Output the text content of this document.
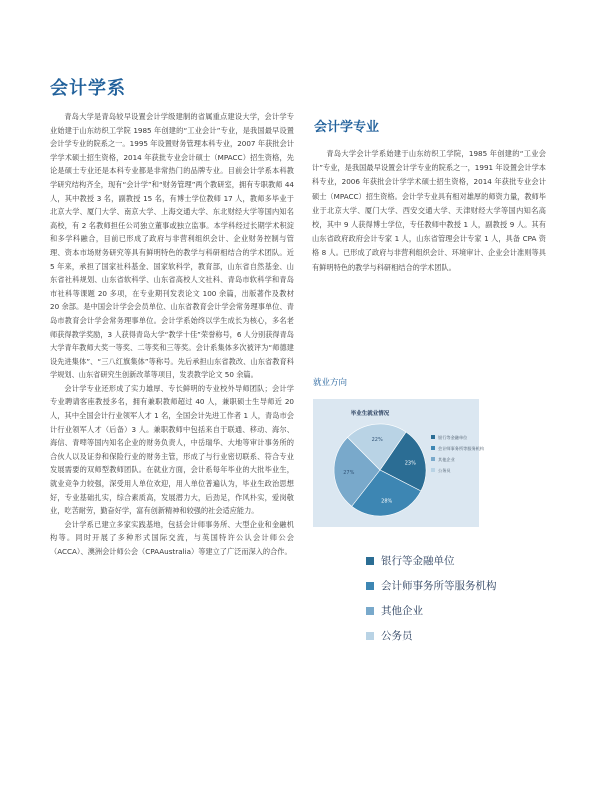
会计学系

青岛大学是青岛较早设置会计学级建制的省属重点建设大学，会计学专业始建于山东纺织工学院 1985 年创建的“工业会计”专业，是我国最早设置会计学专业的院系之一。1995 年设置财务管理本科专业，2007 年获批会计学学术硕士招生资格，2014 年获批专业会计硕士（MPACC）招生资格，先论是硕士专业还是本科专业都是非常热门的品牌专业。目前会计学系本科教学研究结构齐全，现有“会计学”和“财务管理”两个教研室，拥有专职教师 44 人，其中教授 3 名，副教授 15 名，有博士学位教师 17 人，教师多毕业于北京大学、厦门大学、南京大学、上海交通大学、东北财经大学等国内知名高校，有 2 名教师担任公司独立董事或独立监事。本学科经过长期学术积淀和多学科融合，目前已形成了政府与非营利组织会计、企业财务控制与管理、资本市场财务研究等具有鲜明特色的教学与科研相结合的学术团队。近 5 年来，承担了国家社科基金、国家软科学，教育部，山东省自然基金、山东省社科规划、山东省软科学、山东省高校人文社科、青岛市软科学和青岛市社科等课题 20 多项，在专业期刊发表论文 100 余篇，出版著作及教材 20 余部。是中国会计学会会员单位、山东省教育会计学会常务理事单位、青岛市教育会计学会常务理事单位。会计学系始终以学生成长为核心，多名老师获得教学奖励，3 人获得青岛大学“教学十佳”荣誉称号，6 人分别获得青岛大学青年教师大奖一等奖、二等奖和三等奖。会计系集体多次被评为“师德建设先进集体”、“三八红旗集体”等称号。先后承担山东省教改、山东省教育科学规划、山东省研究生创新改革等项目，发表教学论文 50 余篇。

会计学专业还形成了实力雄厚、专长鲜明的专业校外导师团队；会计学专业聘请客座教授多名，拥有兼职教师超过 40 人，兼职硕士生导师近 20 人，其中全国会计行业领军人才 1 名，全国会计先进工作者 1 人，青岛市会计行业领军人才（后备）3 人。兼职教师中包括来自于联通、移动、海尔、海信、青啤等国内知名企业的财务负责人，中岳瑞华、大地等审计事务所的合伙人以及证券和保险行业的财务主管，形成了与行业密切联系、符合专业发展需要的双师型教师团队。在就业方面，会计系每年毕业的大批毕业生，就业竞争力较强，深受用人单位欢迎，用人单位普遍认为，毕业生政治思想好，专业基础扎实，综合素质高，发展潜力大，后劲足，作风朴实，爱岗敬业，吃苦耐劳，勤奋好学，富有创新精神和较强的社会适应能力。

会计学系已建立多家实践基地，包括会计师事务所、大型企业和金融机构等。同时开展了多种形式国际交流，与英国特许公认会计师公会（ACCA）、澳洲会计师公会（CPAAustralia）等建立了广泛而深入的合作。

会计学专业

青岛大学会计学系始建于山东纺织工学院，1985 年创建的“工业会计”专业，是我国最早设置会计学专业的院系之一，1991 年设置会计学本科专业，2006 年获批会计学学术硕士招生资格，2014 年获批专业会计硕士（MPACC）招生资格。会计学专业具有相对雄厚的师资力量，教师毕业于北京大学、厦门大学、西安交通大学、天津财经大学等国内知名高校，其中 9 人获得博士学位，专任教师中教授 1 人，副教授 9 人。其有山东省政府政府会计专家 1 人，山东省管理会计专家 1 人，具备 CPA 资格 8 人。已形成了政府与非营利组织会计、环境审计、企业会计准则等具有鲜明特色的教学与科研相结合的学术团队。

就业方向
毕业生就业情况
23%
28%
27%
22%	银行等金融单位
会计师事务所等服务机构
其他企业
公务员
银行等金融单位
会计师事务所等服务机构
其他企业
公务员
